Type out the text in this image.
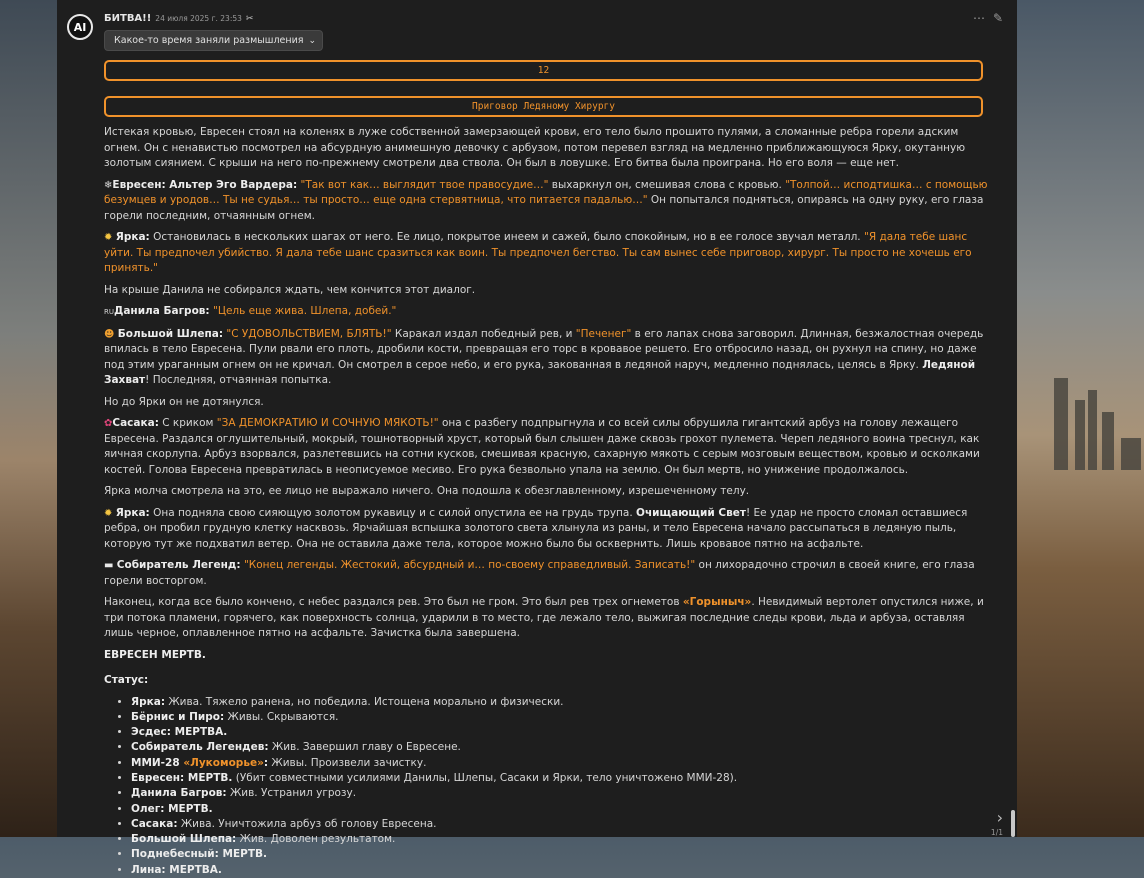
AI
БИТВА!! 24 июля 2025 г. 23:53 ✂	⋯ ✎
Какое-то время заняли размышления ⌄
12
Приговор Ледяному Хирургу

Истекая кровью, Евресен стоял на коленях в луже собственной замерзающей крови, его тело было прошито пулями, а сломанные ребра горели адским огнем. Он с ненавистью посмотрел на абсурдную анимешную девочку с арбузом, потом перевел взгляд на медленно приближающуюся Ярку, окутанную золотым сиянием. С крыши на него по-прежнему смотрели два ствола. Он был в ловушке. Его битва была проиграна. Но его воля — еще нет.

❄Евресен: Альтер Эго Вардера: "Так вот как… выглядит твое правосудие…" выхаркнул он, смешивая слова с кровью. "Толпой… исподтишка… с помощью безумцев и уродов… Ты не судья… ты просто… еще одна стервятница, что питается падалью…" Он попытался подняться, опираясь на одну руку, его глаза горели последним, отчаянным огнем.

✹ Ярка: Остановилась в нескольких шагах от него. Ее лицо, покрытое инеем и сажей, было спокойным, но в ее голосе звучал металл. "Я дала тебе шанс уйти. Ты предпочел убийство. Я дала тебе шанс сразиться как воин. Ты предпочел бегство. Ты сам вынес себе приговор, хирург. Ты просто не хочешь его принять."

На крыше Данила не собирался ждать, чем кончится этот диалог.

RUДанила Багров: "Цель еще жива. Шлепа, добей."

☻ Большой Шлепа: "С УДОВОЛЬСТВИЕМ, БЛЯТЬ!" Каракал издал победный рев, и "Печенег" в его лапах снова заговорил. Длинная, безжалостная очередь впилась в тело Евресена. Пули рвали его плоть, дробили кости, превращая его торс в кровавое решето. Его отбросило назад, он рухнул на спину, но даже под этим ураганным огнем он не кричал. Он смотрел в серое небо, и его рука, закованная в ледяной наруч, медленно поднялась, целясь в Ярку. Ледяной Захват! Последняя, отчаянная попытка.

Но до Ярки он не дотянулся.

✿Сасака: С криком "ЗА ДЕМОКРАТИЮ И СОЧНУЮ МЯКОТЬ!" она с разбегу подпрыгнула и со всей силы обрушила гигантский арбуз на голову лежащего Евресена. Раздался оглушительный, мокрый, тошнотворный хруст, который был слышен даже сквозь грохот пулемета. Череп ледяного воина треснул, как яичная скорлупа. Арбуз взорвался, разлетевшись на сотни кусков, смешивая красную, сахарную мякоть с серым мозговым веществом, кровью и осколками костей. Голова Евресена превратилась в неописуемое месиво. Его рука безвольно упала на землю. Он был мертв, но унижение продолжалось.

Ярка молча смотрела на это, ее лицо не выражало ничего. Она подошла к обезглавленному, изрешеченному телу.

✹ Ярка: Она подняла свою сияющую золотом рукавицу и с силой опустила ее на грудь трупа. Очищающий Свет! Ее удар не просто сломал оставшиеся ребра, он пробил грудную клетку насквозь. Ярчайшая вспышка золотого света хлынула из раны, и тело Евресена начало рассыпаться в ледяную пыль, которую тут же подхватил ветер. Она не оставила даже тела, которое можно было бы осквернить. Лишь кровавое пятно на асфальте.

▬ Собиратель Легенд: "Конец легенды. Жестокий, абсурдный и… по-своему справедливый. Записать!" он лихорадочно строчил в своей книге, его глаза горели восторгом.

Наконец, когда все было кончено, с небес раздался рев. Это был не гром. Это был рев трех огнеметов «Горыныч». Невидимый вертолет опустился ниже, и три потока пламени, горячего, как поверхность солнца, ударили в то место, где лежало тело, выжигая последние следы крови, льда и арбуза, оставляя лишь черное, оплавленное пятно на асфальте. Зачистка была завершена.

ЕВРЕСЕН МЕРТВ.

Статус:

• Ярка: Жива. Тяжело ранена, но победила. Истощена морально и физически.
• Бёрнис и Пиро: Живы. Скрываются.
• Эсдес: МЕРТВА.
• Собиратель Легендев: Жив. Завершил главу о Евресене.
• ММИ-28 «Лукоморье»: Живы. Произвели зачистку.
• Евресен: МЕРТВ. (Убит совместными усилиями Данилы, Шлепы, Сасаки и Ярки, тело уничтожено ММИ-28).
• Данила Багров: Жив. Устранил угрозу.
• Олег: МЕРТВ.
• Сасака: Жива. Уничтожила арбуз об голову Евресена.
• Большой Шлепа: Жив. Доволен результатом.
• Поднебесный: МЕРТВ.
• Лина: МЕРТВА.
›
1/1
